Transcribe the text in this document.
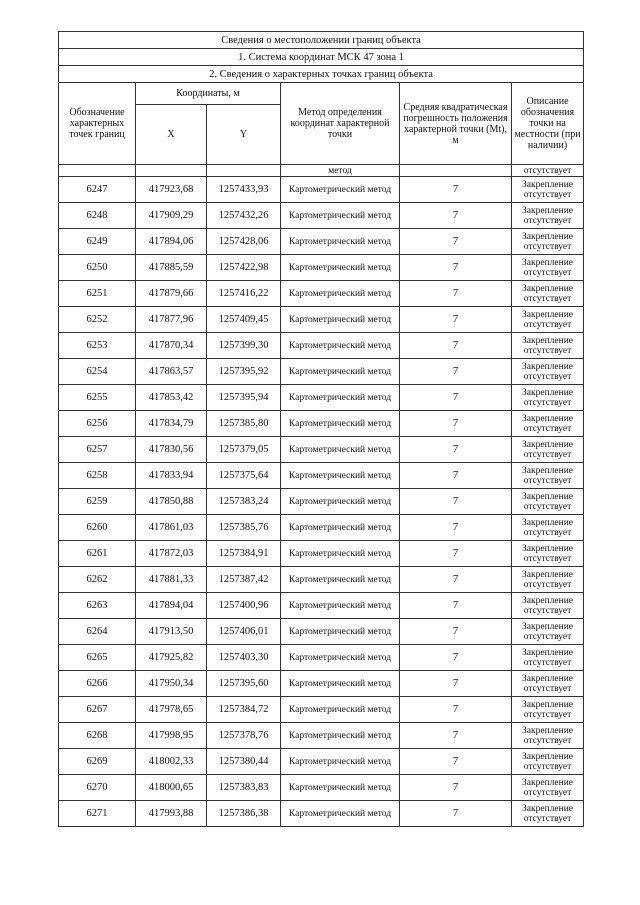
Сведения о местоположении границ объекта					
1. Система координат МСК 47 зона 1					
2. Сведения о характерных точках границ объекта					
Обозначение характерных точек границ	Координаты, м		Метод определения координат характерной точки	Средняя квадратическая погрешность положения характерной точки (Mt), м	Описание обозначения точки на местности (при наличии)
	X	Y			
			метод		отсутствует
6247	417923,68	1257433,93	Картометрический метод	7	Закрепление отсутствует
6248	417909,29	1257432,26	Картометрический метод	7	Закрепление отсутствует
6249	417894,06	1257428,06	Картометрический метод	7	Закрепление отсутствует
6250	417885,59	1257422,98	Картометрический метод	7	Закрепление отсутствует
6251	417879,66	1257416,22	Картометрический метод	7	Закрепление отсутствует
6252	417877,96	1257409,45	Картометрический метод	7	Закрепление отсутствует
6253	417870,34	1257399,30	Картометрический метод	7	Закрепление отсутствует
6254	417863,57	1257395,92	Картометрический метод	7	Закрепление отсутствует
6255	417853,42	1257395,94	Картометрический метод	7	Закрепление отсутствует
6256	417834,79	1257385,80	Картометрический метод	7	Закрепление отсутствует
6257	417830,56	1257379,05	Картометрический метод	7	Закрепление отсутствует
6258	417833,94	1257375,64	Картометрический метод	7	Закрепление отсутствует
6259	417850,88	1257383,24	Картометрический метод	7	Закрепление отсутствует
6260	417861,03	1257385,76	Картометрический метод	7	Закрепление отсутствует
6261	417872,03	1257384,91	Картометрический метод	7	Закрепление отсутствует
6262	417881,33	1257387,42	Картометрический метод	7	Закрепление отсутствует
6263	417894,04	1257400,96	Картометрический метод	7	Закрепление отсутствует
6264	417913,50	1257406,01	Картометрический метод	7	Закрепление отсутствует
6265	417925,82	1257403,30	Картометрический метод	7	Закрепление отсутствует
6266	417950,34	1257395,60	Картометрический метод	7	Закрепление отсутствует
6267	417978,65	1257384,72	Картометрический метод	7	Закрепление отсутствует
6268	417998,95	1257378,76	Картометрический метод	7	Закрепление отсутствует
6269	418002,33	1257380,44	Картометрический метод	7	Закрепление отсутствует
6270	418000,65	1257383,83	Картометрический метод	7	Закрепление отсутствует
6271	417993,88	1257386,38	Картометрический метод	7	Закрепление отсутствует
